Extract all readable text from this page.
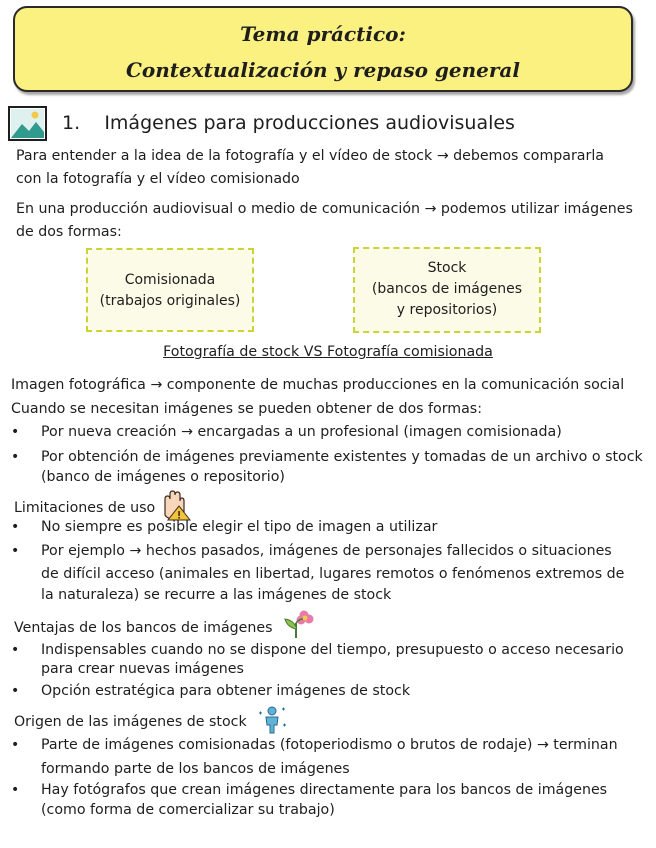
Tema práctico:
Contextualización y repaso general
1. Imágenes para producciones audiovisuales
Para entender a la idea de la fotografía y el vídeo de stock → debemos compararla
con la fotografía y el vídeo comisionado
En una producción audiovisual o medio de comunicación → podemos utilizar imágenes
de dos formas:
Comisionada
(trabajos originales)
Stock
(bancos de imágenes
y repositorios)
Fotografía de stock VS Fotografía comisionada
Imagen fotográfica → componente de muchas producciones en la comunicación social
Cuando se necesitan imágenes se pueden obtener de dos formas:
• Por nueva creación → encargadas a un profesional (imagen comisionada)
• Por obtención de imágenes previamente existentes y tomadas de un archivo o stock
(banco de imágenes o repositorio)
Limitaciones de uso
• No siempre es posible elegir el tipo de imagen a utilizar
• Por ejemplo → hechos pasados, imágenes de personajes fallecidos o situaciones
de difícil acceso (animales en libertad, lugares remotos o fenómenos extremos de
la naturaleza) se recurre a las imágenes de stock
Ventajas de los bancos de imágenes
• Indispensables cuando no se dispone del tiempo, presupuesto o acceso necesario
para crear nuevas imágenes
• Opción estratégica para obtener imágenes de stock
Origen de las imágenes de stock
• Parte de imágenes comisionadas (fotoperiodismo o brutos de rodaje) → terminan
formando parte de los bancos de imágenes
• Hay fotógrafos que crean imágenes directamente para los bancos de imágenes
(como forma de comercializar su trabajo)
